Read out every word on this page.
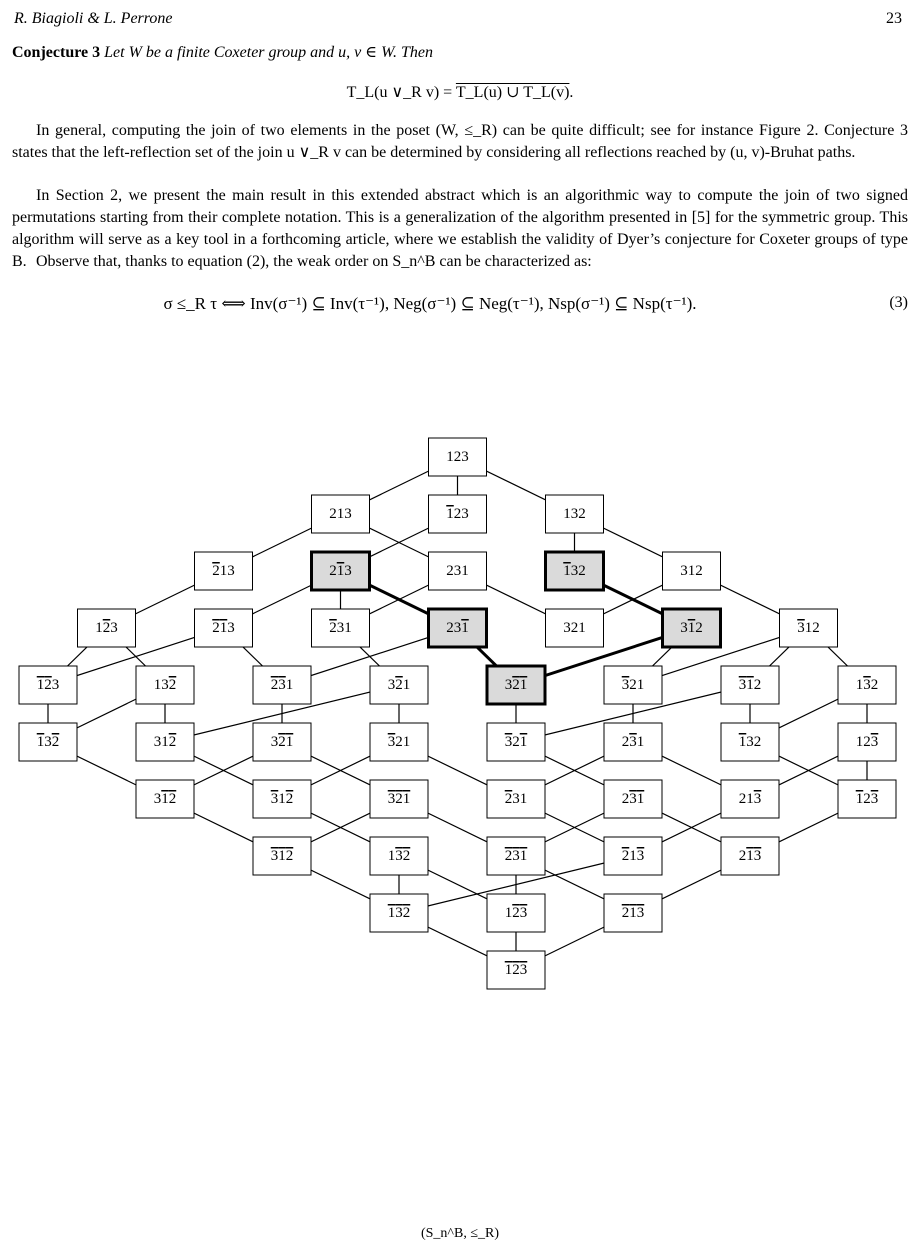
R. Biagioli & L. Perrone	23
Conjecture 3 Let W be a finite Coxeter group and u, v ∈ W. Then
T_L(u ∨_R v) = T_L(u) ∪ T_L(v).
In general, computing the join of two elements in the poset (W, ≤_R) can be quite difficult; see for instance Figure 2. Conjecture 3 states that the left-reflection set of the join u ∨_R v can be determined by considering all reflections reached by (u, v)-Bruhat paths.
In Section 2, we present the main result in this extended abstract which is an algorithmic way to compute the join of two signed permutations starting from their complete notation. This is a generalization of the algorithm presented in [5] for the symmetric group. This algorithm will serve as a key tool in a forthcoming article, where we establish the validity of Dyer’s conjecture for Coxeter groups of type B. Observe that, thanks to equation (2), the weak order on S_n^B can be characterized as:
σ ≤_R τ ⟺ Inv(σ⁻¹) ⊆ Inv(τ⁻¹), Neg(σ⁻¹) ⊆ Neg(τ⁻¹), Nsp(σ⁻¹) ⊆ Nsp(τ⁻¹).	(3)
123
132	123	213
312	132	231	213	213
312	312	321	231	231	213	123
132	312	321	321	321	231	132	123
123	132	231	321	321	321	312	132
123	213	231	231	321	312	312
213	213	231	132	312
213	123	132
123
(S_n^B, ≤_R)
